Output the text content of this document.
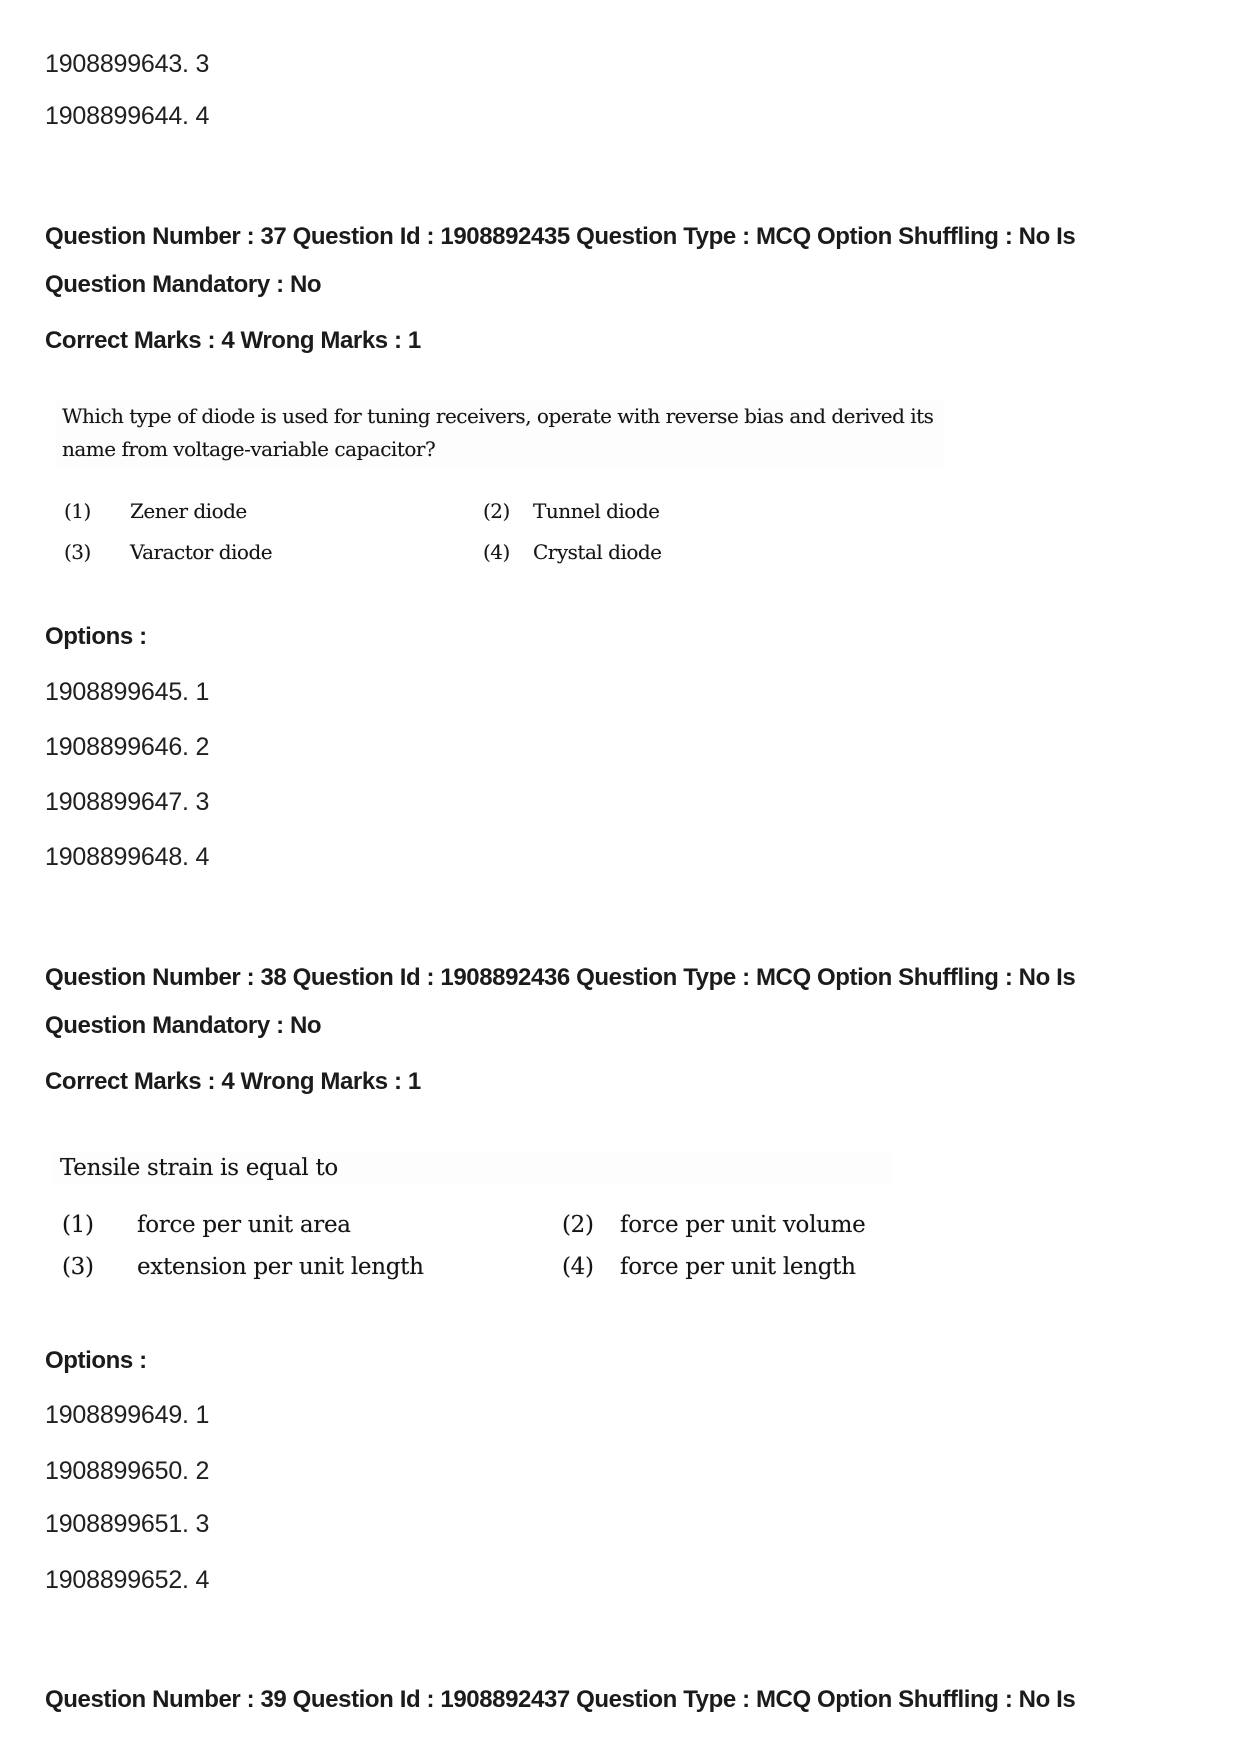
1908899643. 3
1908899644. 4
Question Number : 37 Question Id : 1908892435 Question Type : MCQ Option Shuffling : No Is
Question Mandatory : No
Correct Marks : 4 Wrong Marks : 1
Which type of diode is used for tuning receivers, operate with reverse bias and derived its
name from voltage-variable capacitor?
(1) Zener diode	(2) Tunnel diode
(3) Varactor diode	(4) Crystal diode
Options :
1908899645. 1
1908899646. 2
1908899647. 3
1908899648. 4
Question Number : 38 Question Id : 1908892436 Question Type : MCQ Option Shuffling : No Is
Question Mandatory : No
Correct Marks : 4 Wrong Marks : 1
Tensile strain is equal to
(1) force per unit area	(2) force per unit volume
(3) extension per unit length	(4) force per unit length
Options :
1908899649. 1
1908899650. 2
1908899651. 3
1908899652. 4
Question Number : 39 Question Id : 1908892437 Question Type : MCQ Option Shuffling : No Is
